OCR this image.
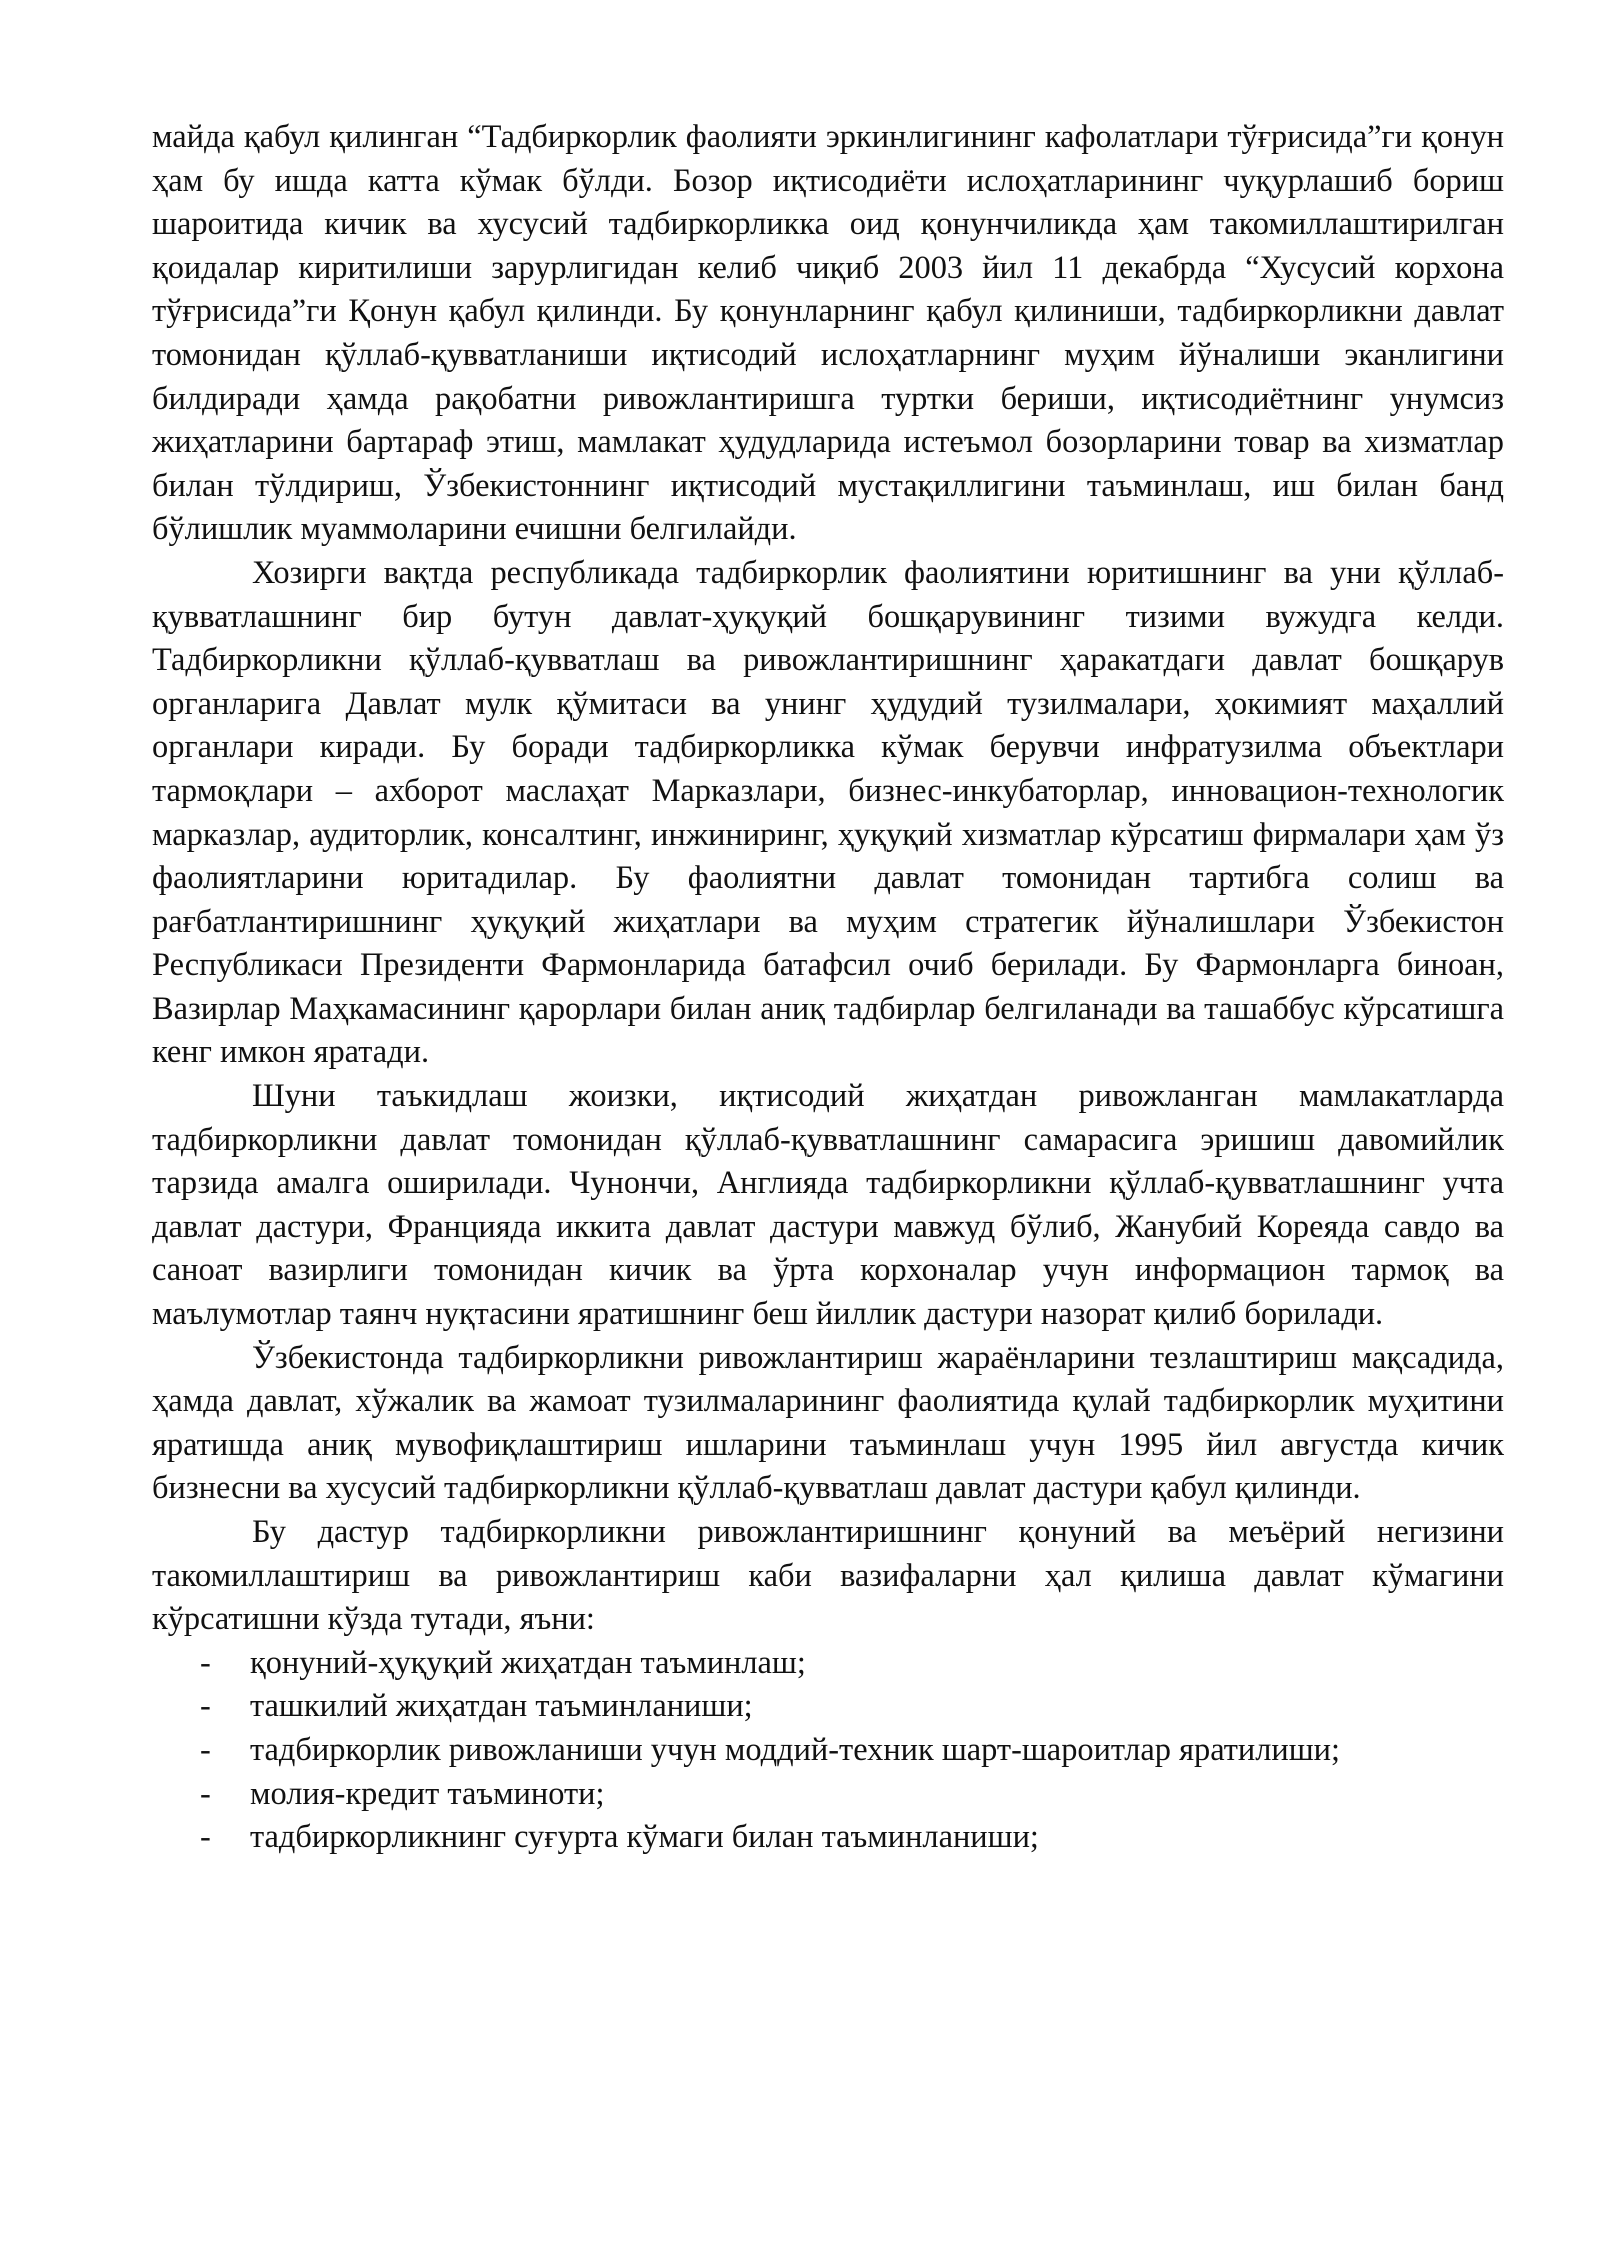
майда қабул қилинган “Тадбиркорлик фаолияти эркинлигининг кафолатлари тўғрисида”ги қонун ҳам бу ишда катта кўмак бўлди. Бозор иқтисодиёти ислоҳатларининг чуқурлашиб бориш шароитида кичик ва хусусий тадбиркорликка оид қонунчиликда ҳам такомиллаштирилган қоидалар киритилиши зарурлигидан келиб чиқиб 2003 йил 11 декабрда “Хусусий корхона тўғрисида”ги Қонун қабул қилинди. Бу қонунларнинг қабул қилиниши, тадбиркорликни давлат томонидан қўллаб-қувватланиши иқтисодий ислоҳатларнинг муҳим йўналиши эканлигини билдиради ҳамда рақобатни ривожлантиришга туртки бериши, иқтисодиётнинг унумсиз жиҳатларини бартараф этиш, мамлакат ҳудудларида истеъмол бозорларини товар ва хизматлар билан тўлдириш, Ўзбекистоннинг иқтисодий мустақиллигини таъминлаш, иш билан банд бўлишлик муаммоларини ечишни белгилайди.

Хозирги вақтда республикада тадбиркорлик фаолиятини юритишнинг ва уни қўллаб-қувватлашнинг бир бутун давлат-ҳуқуқий бошқарувининг тизими вужудга келди. Тадбиркорликни қўллаб-қувватлаш ва ривожлантиришнинг ҳаракатдаги давлат бошқарув органларига Давлат мулк қўмитаси ва унинг ҳудудий тузилмалари, ҳокимият маҳаллий органлари киради. Бу боради тадбиркорликка кўмак берувчи инфратузилма объектлари тармоқлари – ахборот маслаҳат Марказлари, бизнес-инкубаторлар, инновацион-технологик марказлар, аудиторлик, консалтинг, инжиниринг, ҳуқуқий хизматлар кўрсатиш фирмалари ҳам ўз фаолиятларини юритадилар. Бу фаолиятни давлат томонидан тартибга солиш ва рағбатлантиришнинг ҳуқуқий жиҳатлари ва муҳим стратегик йўналишлари Ўзбекистон Республикаси Президенти Фармонларида батафсил очиб берилади. Бу Фармонларга биноан, Вазирлар Маҳкамасининг қарорлари билан аниқ тадбирлар белгиланади ва ташаббус кўрсатишга кенг имкон яратади.

Шуни таъкидлаш жоизки, иқтисодий жиҳатдан ривожланган мамлакатларда тадбиркорликни давлат томонидан қўллаб-қувватлашнинг самарасига эришиш давомийлик тарзида амалга оширилади. Чунончи, Англияда тадбиркорликни қўллаб-қувватлашнинг учта давлат дастури, Францияда иккита давлат дастури мавжуд бўлиб, Жанубий Кореяда савдо ва саноат вазирлиги томонидан кичик ва ўрта корхоналар учун информацион тармоқ ва маълумотлар таянч нуқтасини яратишнинг беш йиллик дастури назорат қилиб борилади.

Ўзбекистонда тадбиркорликни ривожлантириш жараёнларини тезлаштириш мақсадида, ҳамда давлат, хўжалик ва жамоат тузилмаларининг фаолиятида қулай тадбиркорлик муҳитини яратишда аниқ мувофиқлаштириш ишларини таъминлаш учун 1995 йил августда кичик бизнесни ва хусусий тадбиркорликни қўллаб-қувватлаш давлат дастури қабул қилинди.

Бу дастур тадбиркорликни ривожлантиришнинг қонуний ва меъёрий негизини такомиллаштириш ва ривожлантириш каби вазифаларни ҳал қилиша давлат кўмагини кўрсатишни кўзда тутади, яъни:

- қонуний-ҳуқуқий жиҳатдан таъминлаш;
- ташкилий жиҳатдан таъминланиши;
- тадбиркорлик ривожланиши учун моддий-техник шарт-шароитлар яратилиши;
- молия-кредит таъминоти;
- тадбиркорликнинг суғурта кўмаги билан таъминланиши;
